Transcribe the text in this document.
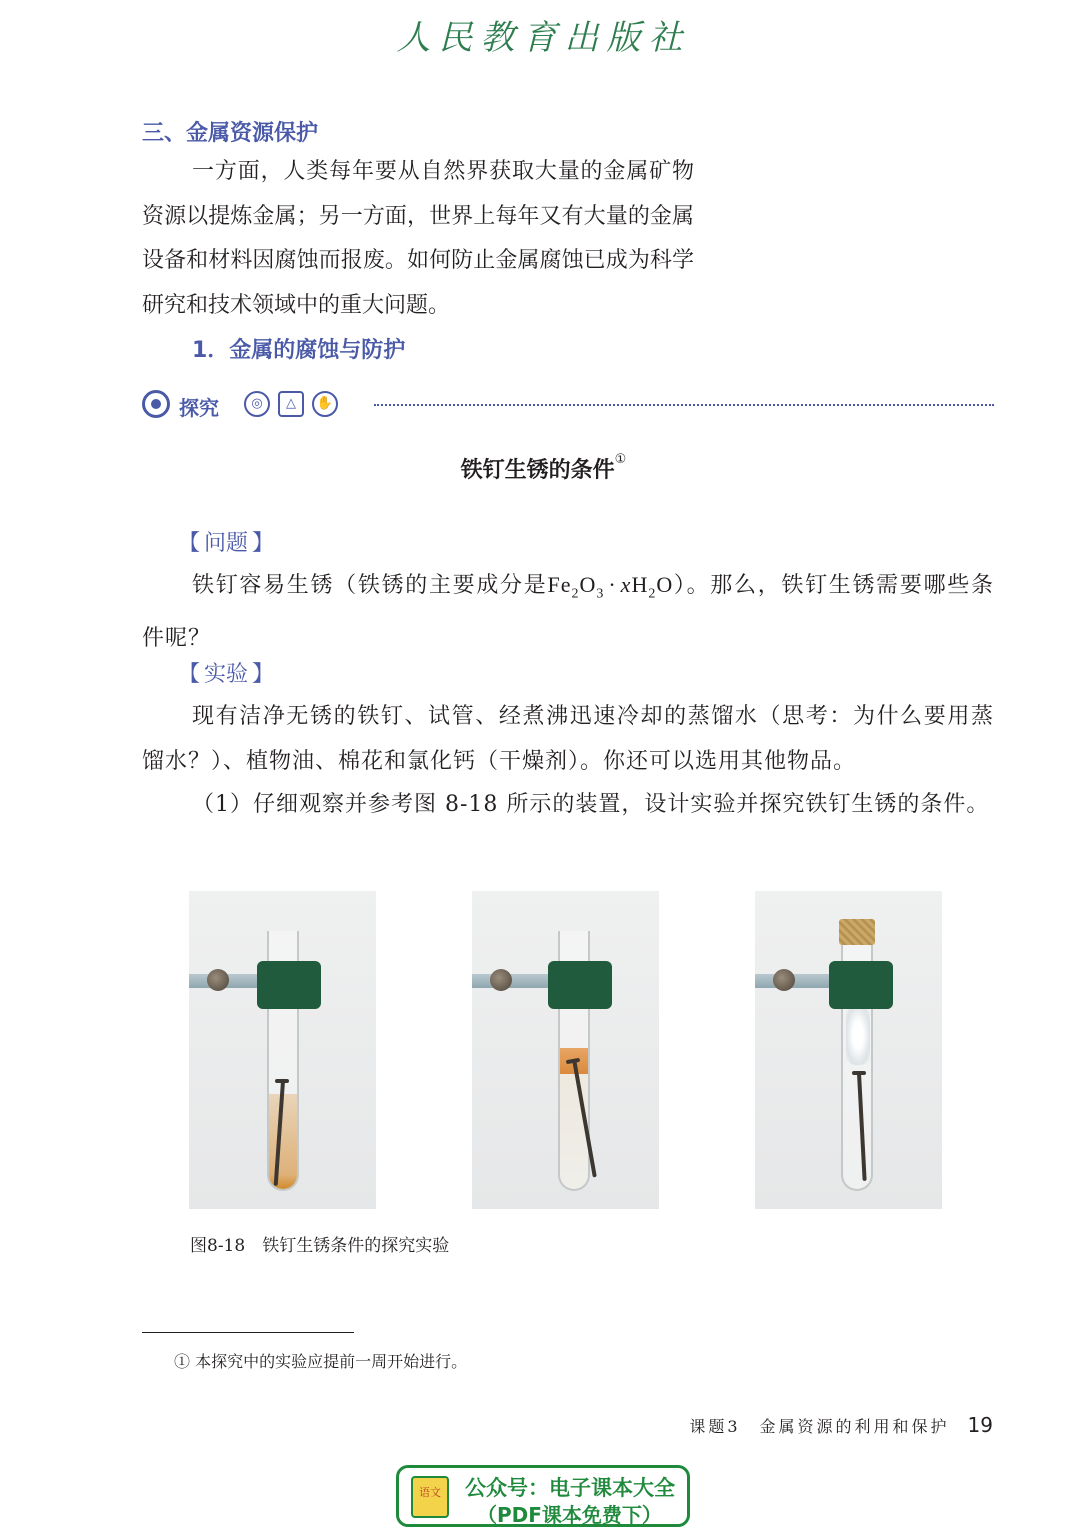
人民教育出版社
三、金属资源保护
一方面，人类每年要从自然界获取大量的金属矿物资源以提炼金属；另一方面，世界上每年又有大量的金属设备和材料因腐蚀而报废。如何防止金属腐蚀已成为科学研究和技术领域中的重大问题。
1．金属的腐蚀与防护
探究	◎	△	✋
铁钉生锈的条件①
【 问题 】
铁钉容易生锈（铁锈的主要成分是$Fe_2O_3 \cdot xH_2O$）。那么，铁钉生锈需要哪些条件呢？
【 实验 】
现有洁净无锈的铁钉、试管、经煮沸迅速冷却的蒸馏水（思考：为什么要用蒸馏水？）、植物油、棉花和氯化钙（干燥剂）。你还可以选用其他物品。
（1）仔细观察并参考图 8-18 所示的装置，设计实验并探究铁钉生锈的条件。
图8-18　铁钉生锈条件的探究实验
① 本探究中的实验应提前一周开始进行。
课题3　金属资源的利用和保护 19
语文 公众号：电子课本大全
（PDF课本免费下）
